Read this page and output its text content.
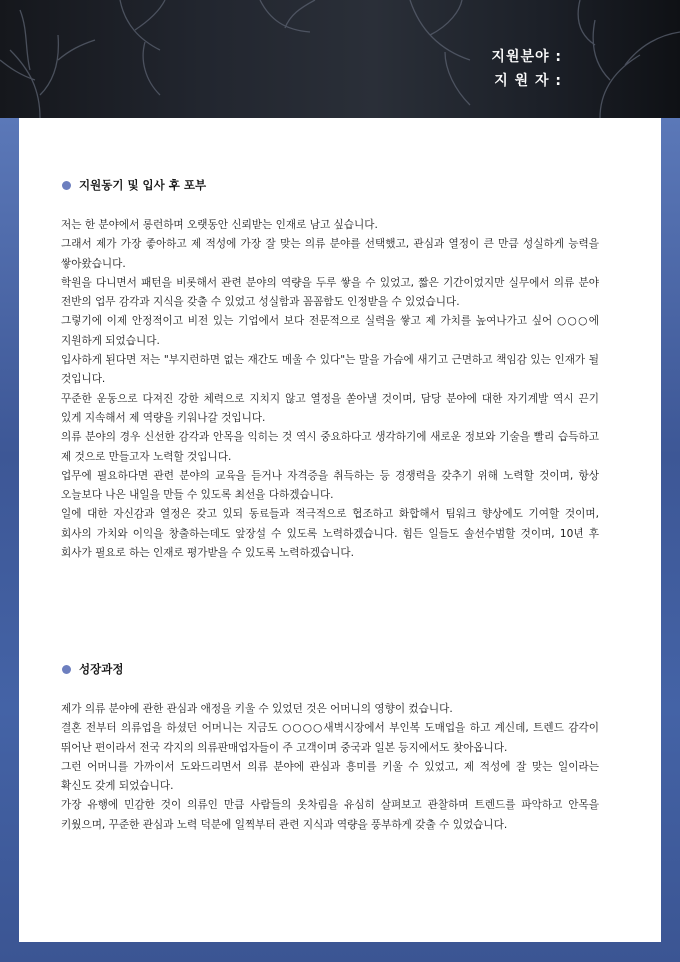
지원분야 :
지 원 자 :
지원동기 및 입사 후 포부
저는 한 분야에서 롱런하며 오랫동안 신뢰받는 인재로 남고 싶습니다.
그래서 제가 가장 좋아하고 제 적성에 가장 잘 맞는 의류 분야를 선택했고, 관심과 열정이 큰 만큼 성실하게 능력을 쌓아왔습니다.
학원을 다니면서 패턴을 비롯해서 관련 분야의 역량을 두루 쌓을 수 있었고, 짧은 기간이었지만 실무에서 의류 분야 전반의 업무 감각과 지식을 갖출 수 있었고 성실함과 꼼꼼함도 인정받을 수 있었습니다.
그렇기에 이제 안정적이고 비전 있는 기업에서 보다 전문적으로 실력을 쌓고 제 가치를 높여나가고 싶어 ○○○에 지원하게 되었습니다.
입사하게 된다면 저는 "부지런하면 없는 재간도 메울 수 있다"는 말을 가슴에 새기고 근면하고 책임감 있는 인재가 될 것입니다.
꾸준한 운동으로 다져진 강한 체력으로 지치지 않고 열정을 쏟아낼 것이며, 담당 분야에 대한 자기계발 역시 끈기 있게 지속해서 제 역량을 키워나갈 것입니다.
의류 분야의 경우 신선한 감각과 안목을 익히는 것 역시 중요하다고 생각하기에 새로운 정보와 기술을 빨리 습득하고 제 것으로 만들고자 노력할 것입니다.
업무에 필요하다면 관련 분야의 교육을 듣거나 자격증을 취득하는 등 경쟁력을 갖추기 위해 노력할 것이며, 항상 오늘보다 나은 내일을 만들 수 있도록 최선을 다하겠습니다.
일에 대한 자신감과 열정은 갖고 있되 동료들과 적극적으로 협조하고 화합해서 팀워크 향상에도 기여할 것이며, 회사의 가치와 이익을 창출하는데도 앞장설 수 있도록 노력하겠습니다. 힘든 일들도 솔선수범할 것이며, 10년 후 회사가 필요로 하는 인재로 평가받을 수 있도록 노력하겠습니다.
성장과정
제가 의류 분야에 관한 관심과 애정을 키울 수 있었던 것은 어머니의 영향이 컸습니다.
결혼 전부터 의류업을 하셨던 어머니는 지금도 ○○○○새벽시장에서 부인복 도매업을 하고 계신데, 트렌드 감각이 뛰어난 편이라서 전국 각지의 의류판매업자들이 주 고객이며 중국과 일본 등지에서도 찾아옵니다.
그런 어머니를 가까이서 도와드리면서 의류 분야에 관심과 흥미를 키울 수 있었고, 제 적성에 잘 맞는 일이라는 확신도 갖게 되었습니다.
가장 유행에 민감한 것이 의류인 만큼 사람들의 옷차림을 유심히 살펴보고 관찰하며 트렌드를 파악하고 안목을 키웠으며, 꾸준한 관심과 노력 덕분에 일찍부터 관련 지식과 역량을 풍부하게 갖출 수 있었습니다.
